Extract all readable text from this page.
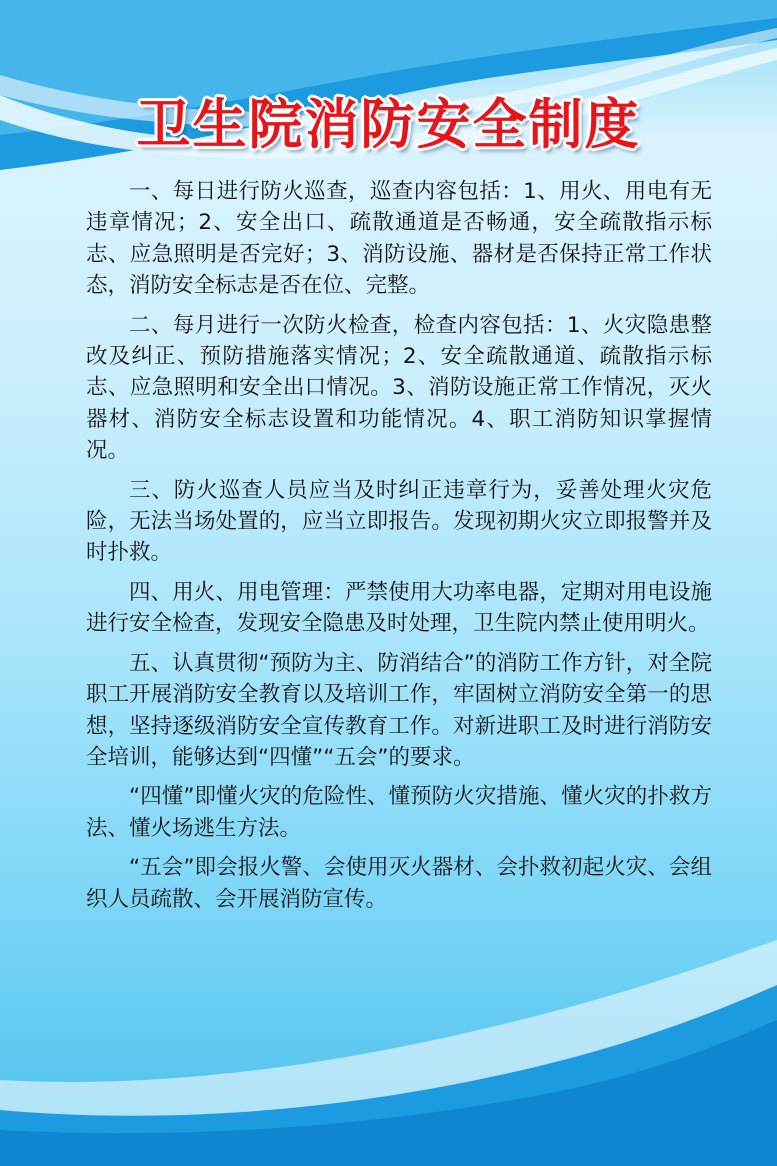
卫生院消防安全制度

一、每日进行防火巡查，巡查内容包括：1、用火、用电有无违章情况；2、安全出口、疏散通道是否畅通，安全疏散指示标志、应急照明是否完好；3、消防设施、器材是否保持正常工作状态，消防安全标志是否在位、完整。

二、每月进行一次防火检查，检查内容包括：1、火灾隐患整改及纠正、预防措施落实情况；2、安全疏散通道、疏散指示标志、应急照明和安全出口情况。3、消防设施正常工作情况，灭火器材、消防安全标志设置和功能情况。4、职工消防知识掌握情况。

三、防火巡查人员应当及时纠正违章行为，妥善处理火灾危险，无法当场处置的，应当立即报告。发现初期火灾立即报警并及时扑救。

四、用火、用电管理：严禁使用大功率电器，定期对用电设施进行安全检查，发现安全隐患及时处理，卫生院内禁止使用明火。

五、认真贯彻“预防为主、防消结合”的消防工作方针，对全院职工开展消防安全教育以及培训工作，牢固树立消防安全第一的思想，坚持逐级消防安全宣传教育工作。对新进职工及时进行消防安全培训，能够达到“四懂”“五会”的要求。

“四懂”即懂火灾的危险性、懂预防火灾措施、懂火灾的扑救方法、懂火场逃生方法。

“五会”即会报火警、会使用灭火器材、会扑救初起火灾、会组织人员疏散、会开展消防宣传。
